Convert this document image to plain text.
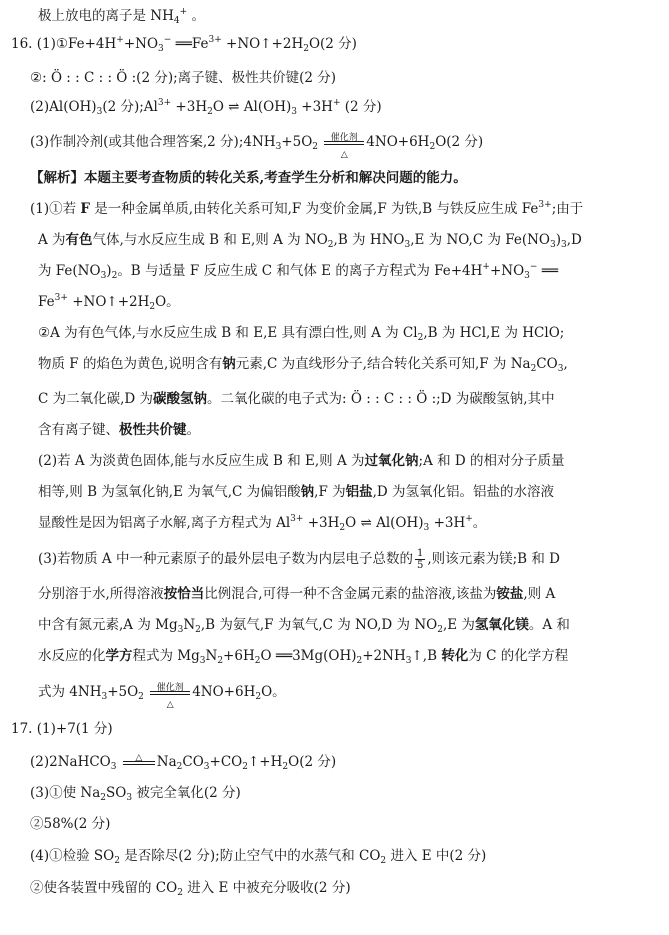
极上放电的离子是 $NH_4^+$ 。
16. $(1)①Fe+4H^++NO_3^-$ $══Fe^{3+}$ $+NO↑+2H_2O(2$ 分)
②: Ö : : C : : Ö :(2 分);离子键、极性共价键(2 分)
$(2)Al(OH)_3(2$ 分)$;Al^{3+} +3H_2O$ ⇌ $Al(OH)_3 +3H^+$ (2 分)
(3)作制冷剂(或其他合理答案,2 分)$;4NH_3+5O_2$
催化剂
△
$4NO+6H_2O(2$ 分)
【解析】本题主要考查物质的转化关系,考查学生分析和解决问题的能力。
(1)①若 F 是一种金属单质,由转化关系可知,F 为变价金属,F 为铁,B 与铁反应生成 $Fe^{3+}$;由于
A 为有色气体,与水反应生成 B 和 E,则 A 为 $NO_2,B$ 为 $HNO_3,E$ 为 NO,C 为 $Fe(NO_3)_3,D$
为 $Fe(NO_3)_2$。B 与适量 F 反应生成 C 和气体 E 的离子方程式为 $Fe+4H^++NO_3^-$ ══
$Fe^{3+}$ $+NO↑+2H_2O$。
②A 为有色气体,与水反应生成 B 和 E,E 具有漂白性,则 A 为 $Cl_2,B$ 为 HCl,E 为 HClO;
物质 F 的焰色为黄色,说明含有钠元素,C 为直线形分子,结合转化关系可知,F 为 $Na_2CO_3$,
C 为二氧化碳,D 为碳酸氢钠。二氧化碳的电子式为: Ö : : C : : Ö :;D 为碳酸氢钠,其中
含有离子键、极性共价键。
(2)若 A 为淡黄色固体,能与水反应生成 B 和 E,则 A 为过氧化钠;A 和 D 的相对分子质量
相等,则 B 为氢氧化钠,E 为氧气,C 为偏铝酸钠,F 为铝盐,D 为氢氧化铝。铝盐的水溶液
显酸性是因为铝离子水解,离子方程式为 $Al^{3+} +3H_2O$ ⇌ $Al(OH)_3 +3H^+$。
(3)若物质 A 中一种元素原子的最外层电子数为内层电子总数的 $\frac{1}{5}$ ,则该元素为镁;B 和 D
分别溶于水,所得溶液按恰当比例混合,可得一种不含金属元素的盐溶液,该盐为铵盐,则 A
中含有氮元素,A 为 $Mg_3N_2,B$ 为氨气,F 为氧气,C 为 NO,D 为 $NO_2,E$ 为氢氧化镁。A 和
水反应的化学方程式为 $Mg_3N_2+6H_2O$ $══3Mg(OH)_2+2NH_3↑,B$ 转化为 C 的化学方程
式为 $4NH_3+5O_2$
催化剂
△
$4NO+6H_2O$。
17. (1)+7(1 分)
(2)2NaHCO$_3$
△	$Na_2CO_3+CO_2↑+H_2O(2$ 分)
(3)①使 $Na_2SO_3$ 被完全氧化(2 分)
②58%(2 分)
(4)①检验 $SO_2$ 是否除尽(2 分);防止空气中的水蒸气和 $CO_2$ 进入 E 中(2 分)
②使各装置中残留的 $CO_2$ 进入 E 中被充分吸收(2 分)
